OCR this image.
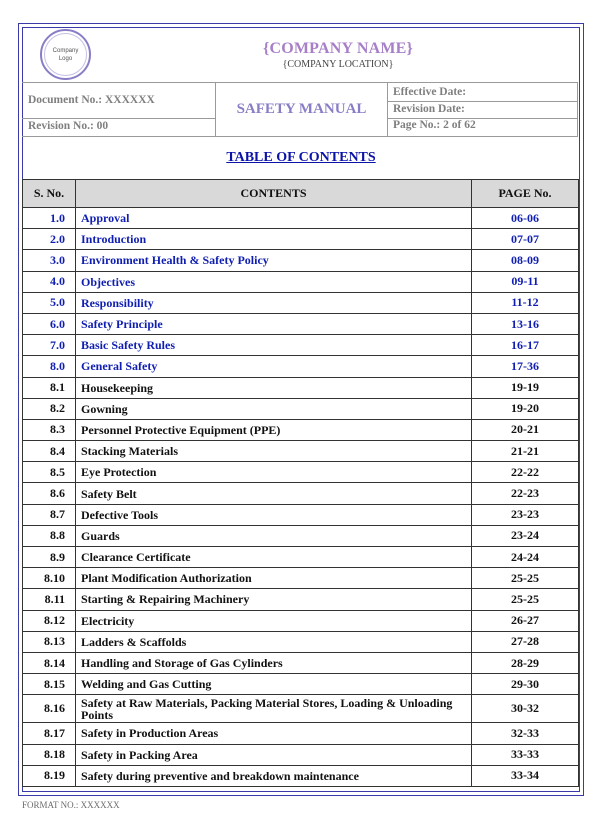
Company
Logo
{COMPANY NAME}
{COMPANY LOCATION}
Document No.: XXXXXX
Revision No.: 00
SAFETY MANUAL
Effective Date:
Revision Date:
Page No.: 2 of 62
TABLE OF CONTENTS
S. No.	CONTENTS	PAGE No.
1.0	Approval	06-06
2.0	Introduction	07-07
3.0	Environment Health & Safety Policy	08-09
4.0	Objectives	09-11
5.0	Responsibility	11-12
6.0	Safety Principle	13-16
7.0	Basic Safety Rules	16-17
8.0	General Safety	17-36
8.1	Housekeeping	19-19
8.2	Gowning	19-20
8.3	Personnel Protective Equipment (PPE)	20-21
8.4	Stacking Materials	21-21
8.5	Eye Protection	22-22
8.6	Safety Belt	22-23
8.7	Defective Tools	23-23
8.8	Guards	23-24
8.9	Clearance Certificate	24-24
8.10	Plant Modification Authorization	25-25
8.11	Starting & Repairing Machinery	25-25
8.12	Electricity	26-27
8.13	Ladders & Scaffolds	27-28
8.14	Handling and Storage of Gas Cylinders	28-29
8.15	Welding and Gas Cutting	29-30
8.16	Safety at Raw Materials, Packing Material Stores, Loading & Unloading Points	30-32
8.17	Safety in Production Areas	32-33
8.18	Safety in Packing Area	33-33
8.19	Safety during preventive and breakdown maintenance	33-34
FORMAT NO.: XXXXXX
